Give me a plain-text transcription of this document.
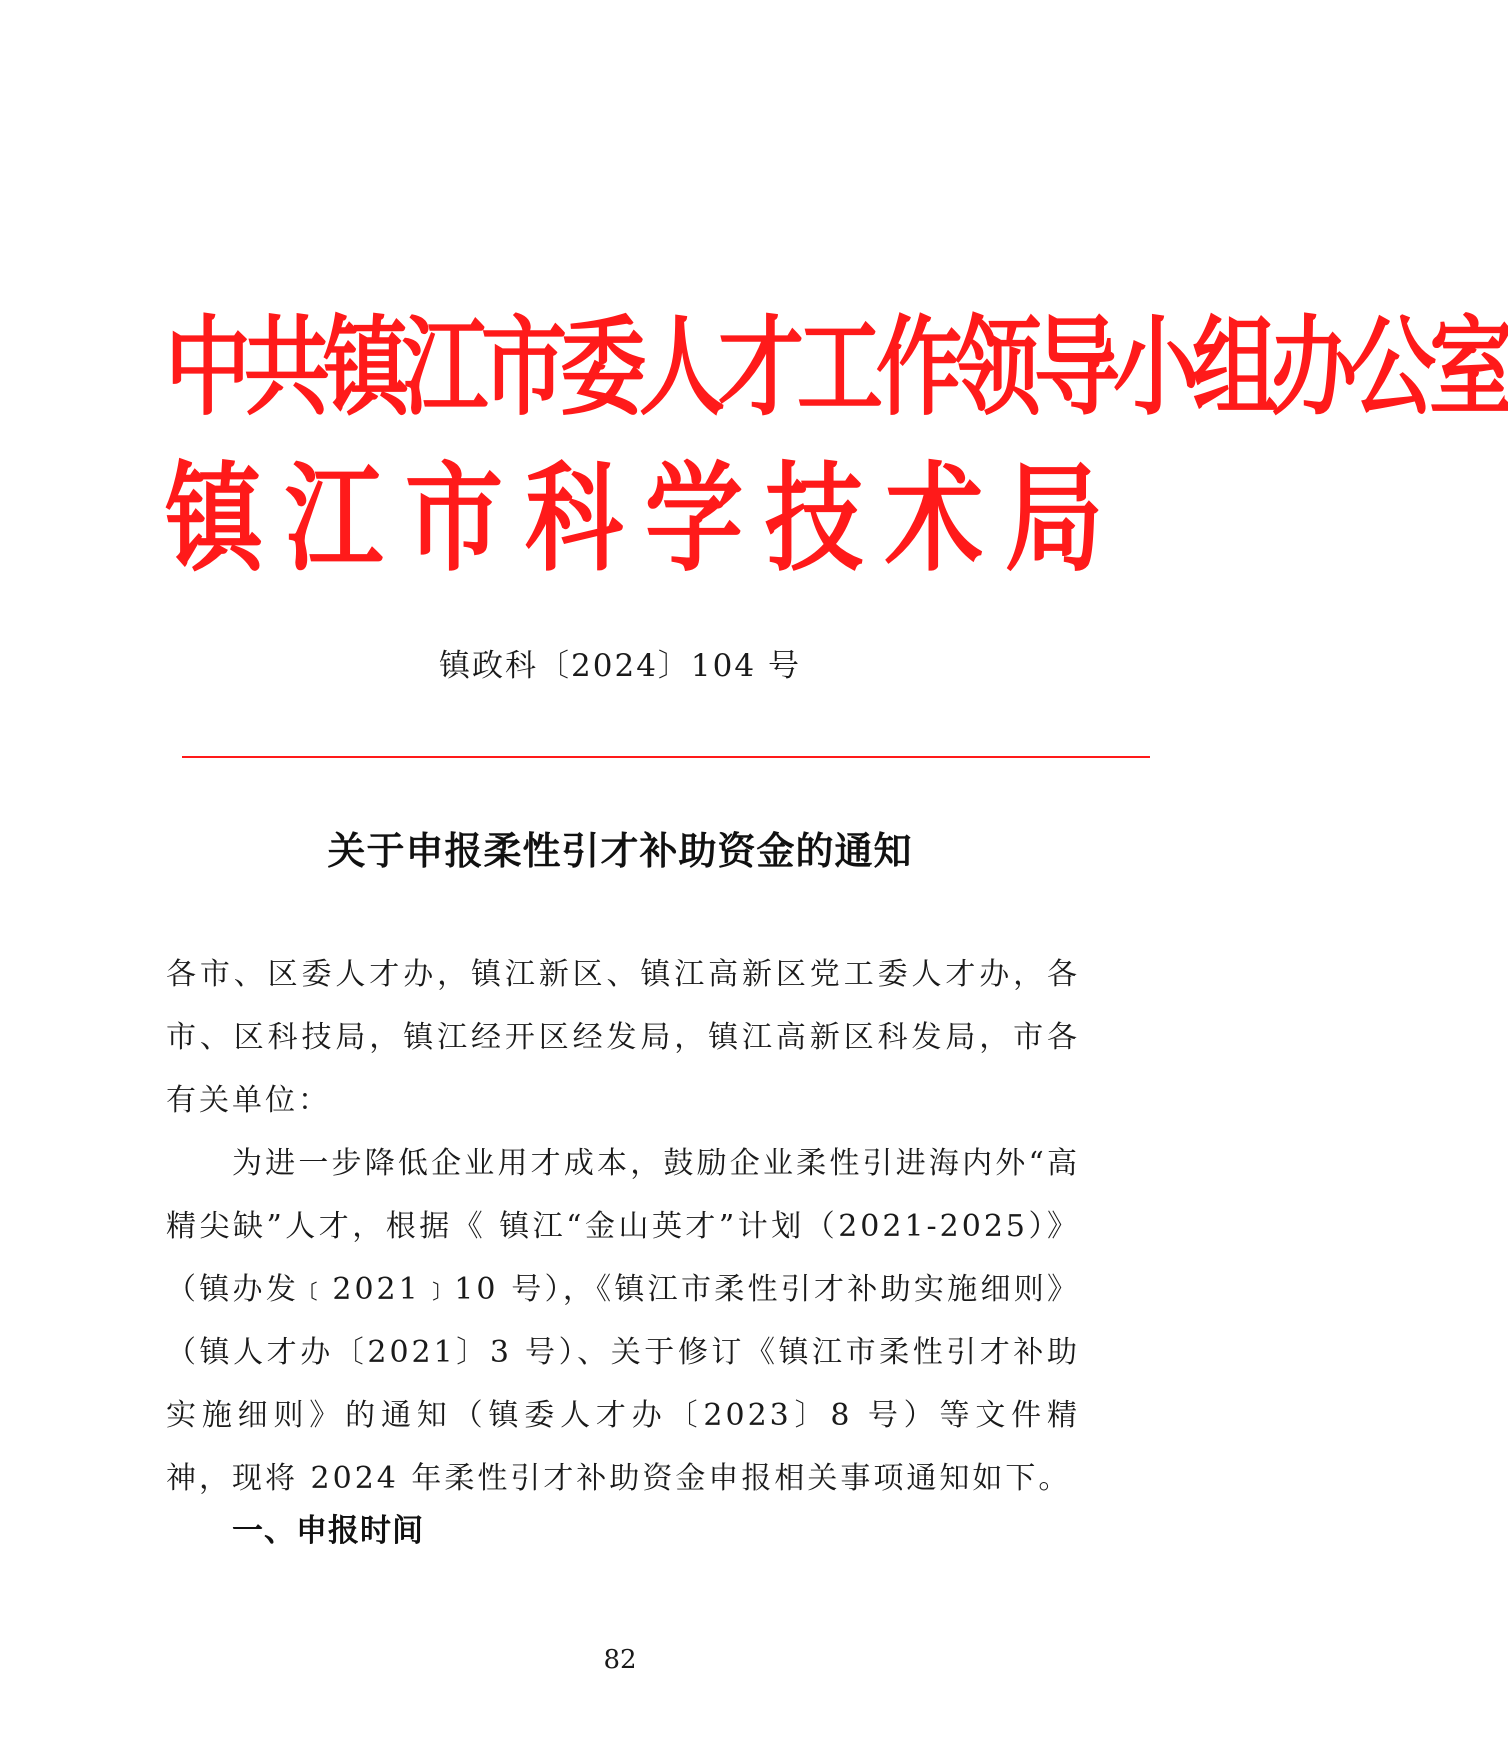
中共镇江市委人才工作领导小组办公室
镇江市科学技术局
镇政科〔2024〕104 号
关于申报柔性引才补助资金的通知
各市、区委人才办，镇江新区、镇江高新区党工委人才办，各市、区科技局，镇江经开区经发局，镇江高新区科发局，市各有关单位：
为进一步降低企业用才成本，鼓励企业柔性引进海内外“高精尖缺”人才，根据《 镇江“金山英才”计划（2021-2025）》（镇办发﹝2021﹞10 号），《镇江市柔性引才补助实施细则》（镇人才办〔2021〕3 号）、关于修订《镇江市柔性引才补助实施细则》的通知（镇委人才办〔2023〕8 号）等文件精神，现将 2024 年柔性引才补助资金申报相关事项通知如下。
一、申报时间
82
